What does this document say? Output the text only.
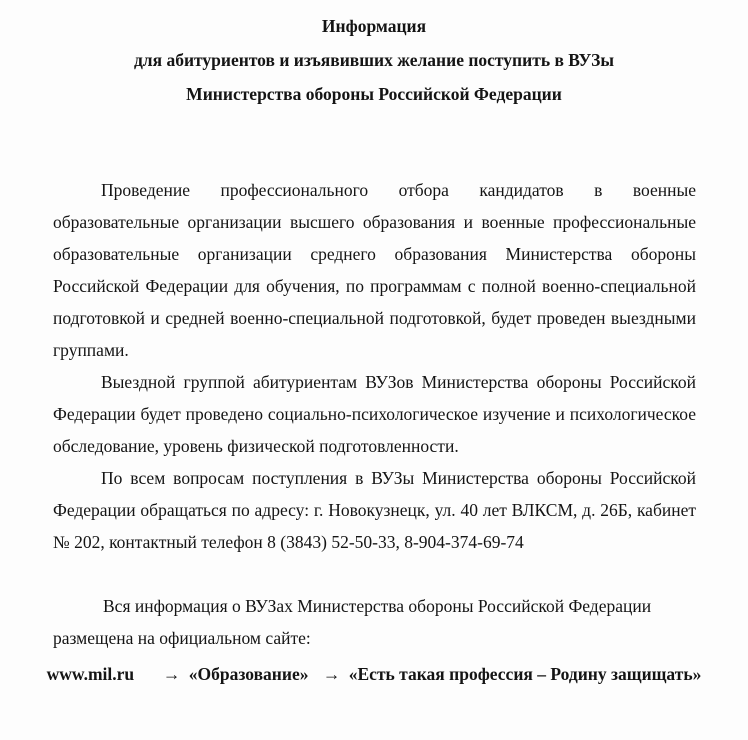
Информация
для абитуриентов и изъявивших желание поступить в ВУЗы
Министерства обороны Российской Федерации
Проведение профессионального отбора кандидатов в военные образовательные организации высшего образования и военные профессиональные образовательные организации среднего образования Министерства обороны Российской Федерации для обучения, по программам с полной военно-специальной подготовкой и средней военно-специальной подготовкой, будет проведен выездными группами.
Выездной группой абитуриентам ВУЗов Министерства обороны Российской Федерации будет проведено социально-психологическое изучение и психологическое обследование, уровень физической подготовленности.
По всем вопросам поступления в ВУЗы Министерства обороны Российской Федерации обращаться по адресу: г. Новокузнецк, ул. 40 лет ВЛКСМ, д. 26Б, кабинет № 202, контактный телефон 8 (3843) 52-50-33, 8-904-374-69-74
Вся информация о ВУЗах Министерства обороны Российской Федерации размещена на официальном сайте:
www.mil.ru → «Образование» → «Есть такая профессия – Родину защищать»
